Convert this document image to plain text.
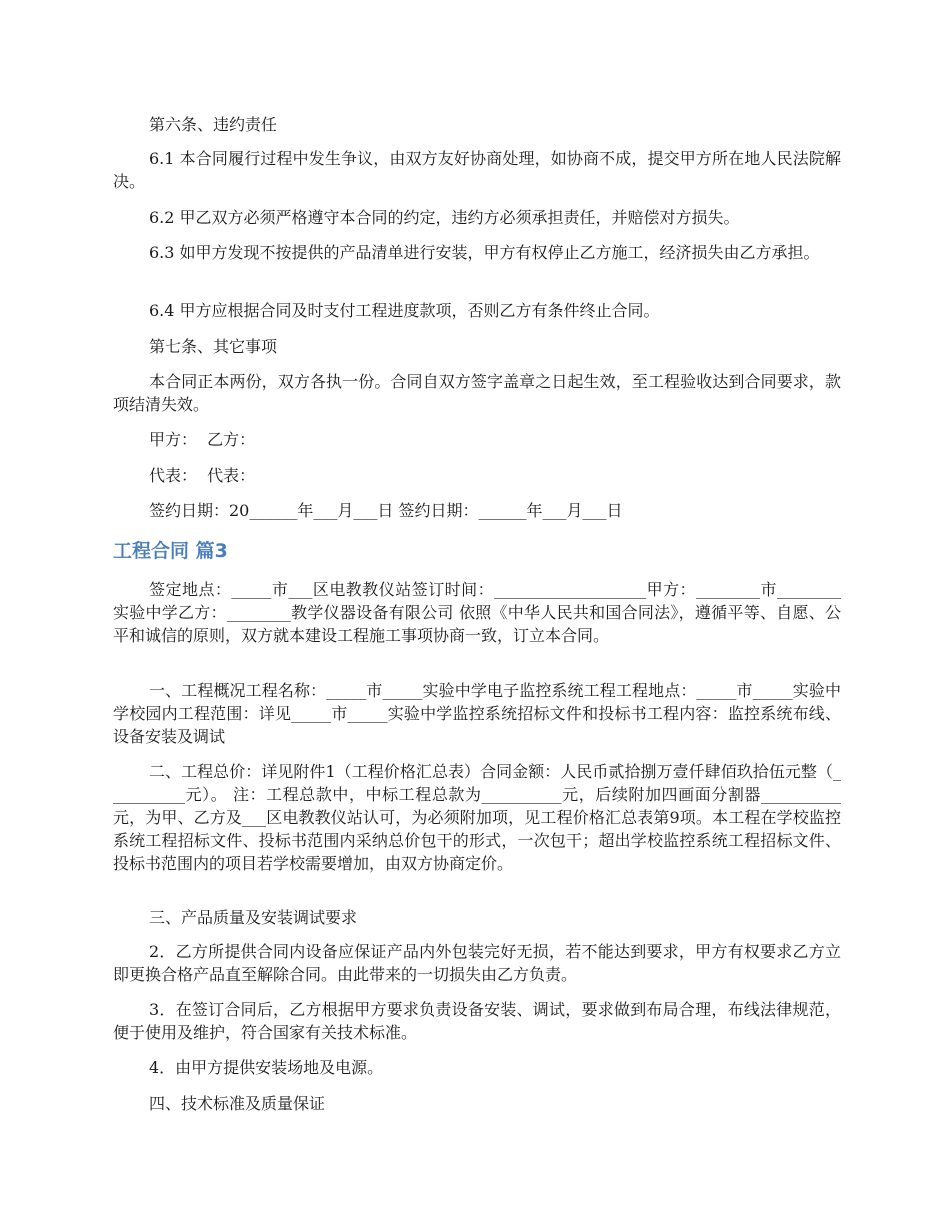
第六条、违约责任

6.1 本合同履行过程中发生争议，由双方友好协商处理，如协商不成，提交甲方所在地人民法院解决。

6.2 甲乙双方必须严格遵守本合同的约定，违约方必须承担责任，并赔偿对方损失。

6.3 如甲方发现不按提供的产品清单进行安装，甲方有权停止乙方施工，经济损失由乙方承担。

6.4 甲方应根据合同及时支付工程进度款项，否则乙方有条件终止合同。

第七条、其它事项

本合同正本两份，双方各执一份。合同自双方签字盖章之日起生效，至工程验收达到合同要求，款项结清失效。

甲方：  乙方：

代表：  代表：

签约日期：20______年___月___日 签约日期：______年___月___日

工程合同 篇3

签定地点：_____市___区电教教仪站签订时间：___________________甲方：________市________实验中学乙方：________教学仪器设备有限公司 依照《中华人民共和国合同法》，遵循平等、自愿、公平和诚信的原则，双方就本建设工程施工事项协商一致，订立本合同。

一、工程概况工程名称：_____市_____实验中学电子监控系统工程工程地点：_____市_____实验中学校园内工程范围：详见_____市_____实验中学监控系统招标文件和投标书工程内容：监控系统布线、设备安装及调试

二、工程总价：详见附件1（工程价格汇总表）合同金额：人民币贰拾捌万壹仟肆佰玖拾伍元整（__________元）。 注：工程总款中，中标工程总款为__________元，后续附加四画面分割器__________元，为甲、乙方及___区电教教仪站认可，为必须附加项，见工程价格汇总表第9项。本工程在学校监控系统工程招标文件、投标书范围内采纳总价包干的形式，一次包干；超出学校监控系统工程招标文件、投标书范围内的项目若学校需要增加，由双方协商定价。

三、产品质量及安装调试要求

2．乙方所提供合同内设备应保证产品内外包装完好无损，若不能达到要求，甲方有权要求乙方立即更换合格产品直至解除合同。由此带来的一切损失由乙方负责。

3．在签订合同后，乙方根据甲方要求负责设备安装、调试，要求做到布局合理，布线法律规范，便于使用及维护，符合国家有关技术标准。

4．由甲方提供安装场地及电源。

四、技术标准及质量保证
